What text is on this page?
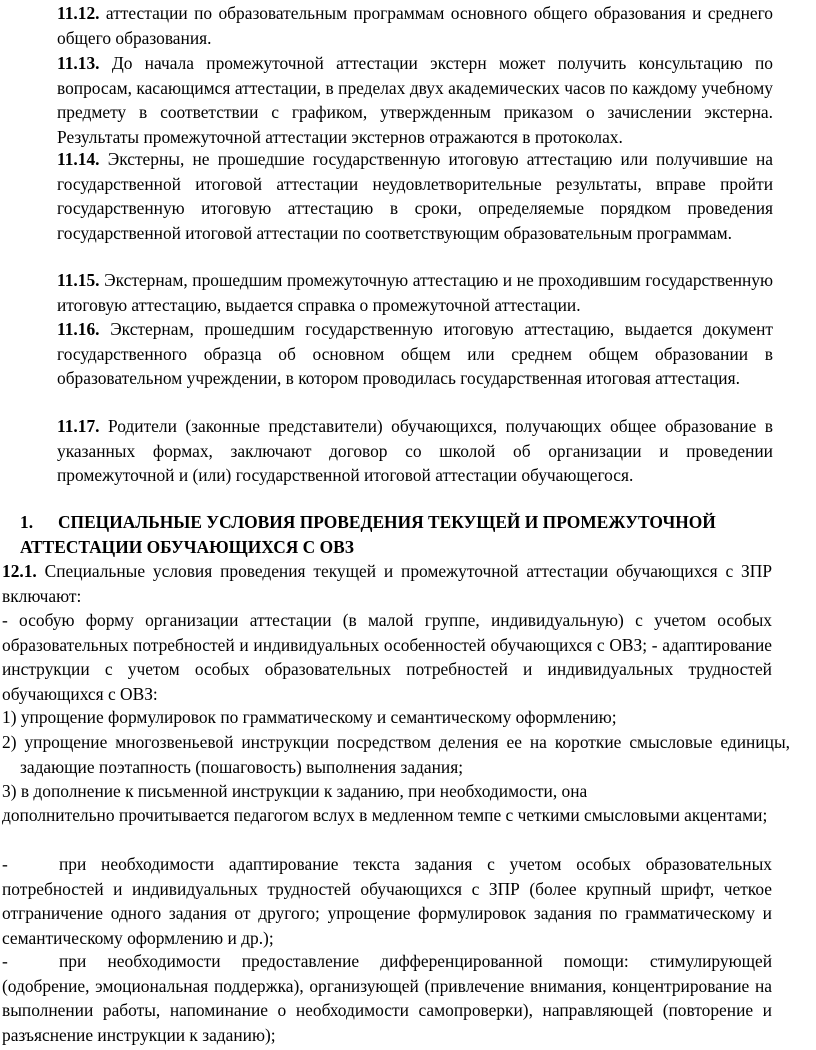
11.12. аттестации по образовательным программам основного общего образования и среднего общего образования.

11.13. До начала промежуточной аттестации экстерн может получить консультацию по вопросам, касающимся аттестации, в пределах двух академических часов по каждому учебному предмету в соответствии с графиком, утвержденным приказом о зачислении экстерна. Результаты промежуточной аттестации экстернов отражаются в протоколах.

11.14. Экстерны, не прошедшие государственную итоговую аттестацию или получившие на государственной итоговой аттестации неудовлетворительные результаты, вправе пройти государственную итоговую аттестацию в сроки, определяемые порядком проведения государственной итоговой аттестации по соответствующим образовательным программам.

11.15. Экстернам, прошедшим промежуточную аттестацию и не проходившим государственную итоговую аттестацию, выдается справка о промежуточной аттестации.

11.16. Экстернам, прошедшим государственную итоговую аттестацию, выдается документ государственного образца об основном общем или среднем общем образовании в образовательном учреждении, в котором проводилась государственная итоговая аттестация.

11.17. Родители (законные представители) обучающихся, получающих общее образование в указанных формах, заключают договор со школой об организации и проведении промежуточной и (или) государственной итоговой аттестации обучающегося.

1. СПЕЦИАЛЬНЫЕ УСЛОВИЯ ПРОВЕДЕНИЯ ТЕКУЩЕЙ И ПРОМЕЖУТОЧНОЙ
АТТЕСТАЦИИ ОБУЧАЮЩИХСЯ С ОВЗ

12.1. Специальные условия проведения текущей и промежуточной аттестации обучающихся с ЗПР включают:

- особую форму организации аттестации (в малой группе, индивидуальную) с учетом особых образовательных потребностей и индивидуальных особенностей обучающихся с ОВЗ; - адаптирование инструкции с учетом особых образовательных потребностей и индивидуальных трудностей обучающихся с ОВЗ:

1) упрощение формулировок по грамматическому и семантическому оформлению;

2) упрощение многозвеньевой инструкции посредством деления ее на короткие смысловые единицы, задающие поэтапность (пошаговость) выполнения задания;

3) в дополнение к письменной инструкции к заданию, при необходимости, она

дополнительно прочитывается педагогом вслух в медленном темпе с четкими смысловыми акцентами;

-	при необходимости адаптирование текста задания с учетом особых образовательных потребностей и индивидуальных трудностей обучающихся с ЗПР (более крупный шрифт, четкое отграничение одного задания от другого; упрощение формулировок задания по грамматическому и семантическому оформлению и др.);

-	при необходимости предоставление дифференцированной помощи: стимулирующей (одобрение, эмоциональная поддержка), организующей (привлечение внимания, концентрирование на выполнении работы, напоминание о необходимости самопроверки), направляющей (повторение и разъяснение инструкции к заданию);
